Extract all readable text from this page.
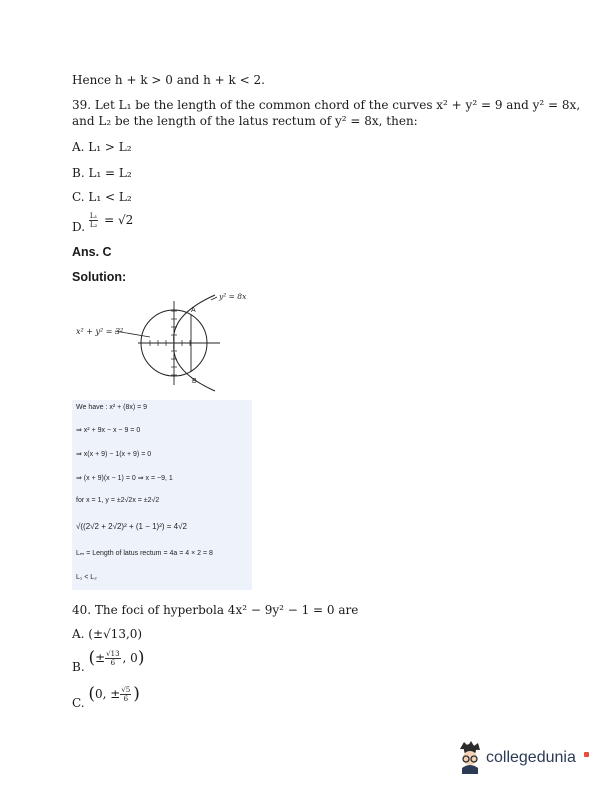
Hence h + k > 0 and h + k < 2.
39. Let L₁ be the length of the common chord of the curves x² + y² = 9 and y² = 8x,
and L₂ be the length of the latus rectum of y² = 8x, then:
A. L₁ > L₂
B. L₁ = L₂
C. L₁ < L₂
D. $\frac{\text{L₁}}{\text{L₂}} = √2$
Ans. C
Solution:
x² + y² = 3²
y² = 8x
A
B
We have : x² + (8x) = 9
⇒ x² + 9x − x − 9 = 0
⇒ x(x + 9) − 1(x + 9) = 0
⇒ (x + 9)(x − 1) = 0 ⇒ x = −9, 1
for x = 1, y = ±2√2x = ±2√2
√((2√2 + 2√2)² + (1 − 1)²) = 4√2
Lₘ = Length of latus rectum = 4a = 4 × 2 = 8
L₁ < L₂
40. The foci of hyperbola 4x² − 9y² − 1 = 0 are
A. (±√13,0)
B. (± $\frac{√13}{6}$ , 0)
C. (0, ± $\frac{√5}{6}$ )
collegedunia
